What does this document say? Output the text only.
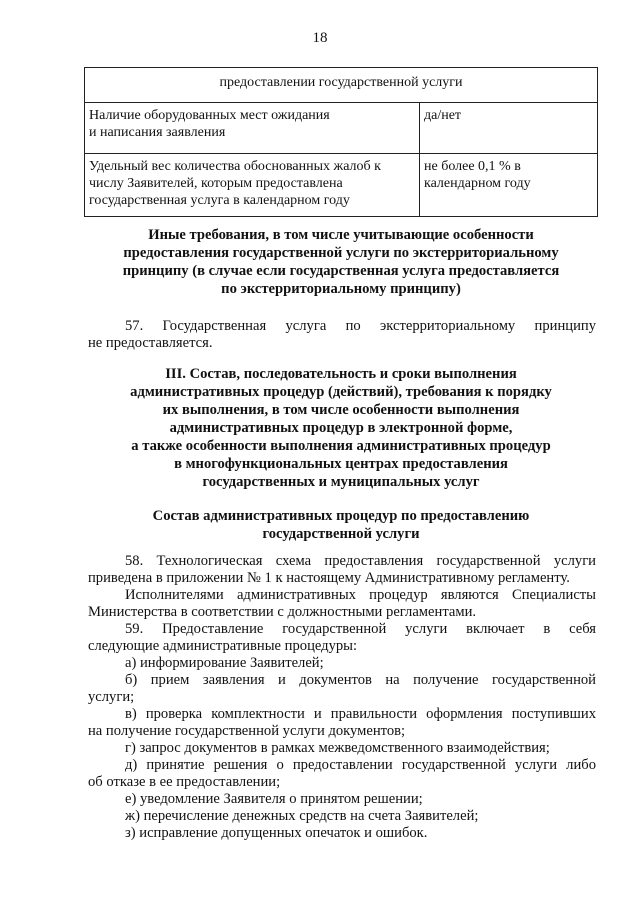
18
предоставлении государственной услуги	

Наличие оборудованных мест ожидания
и написания заявления	да/нет

Удельный вес количества обоснованных жалоб к
числу Заявителей, которым предоставлена
государственная услуга в календарном году	не более 0,1 % в
календарном году
Иные требования, в том числе учитывающие особенности
предоставления государственной услуги по экстерриториальному
принципу (в случае если государственная услуга предоставляется
по экстерриториальному принципу)
57. Государственная услуга по экстерриториальному принципу
не предоставляется.
III. Состав, последовательность и сроки выполнения
административных процедур (действий), требования к порядку
их выполнения, в том числе особенности выполнения
административных процедур в электронной форме,
а также особенности выполнения административных процедур
в многофункциональных центрах предоставления
государственных и муниципальных услуг
Состав административных процедур по предоставлению
государственной услуги
58. Технологическая схема предоставления государственной услуги
приведена в приложении № 1 к настоящему Административному регламенту.
Исполнителями административных процедур являются Специалисты
Министерства в соответствии с должностными регламентами.
59. Предоставление государственной услуги включает в себя
следующие административные процедуры:
а) информирование Заявителей;
б) прием заявления и документов на получение государственной
услуги;
в) проверка комплектности и правильности оформления поступивших
на получение государственной услуги документов;
г) запрос документов в рамках межведомственного взаимодействия;
д) принятие решения о предоставлении государственной услуги либо
об отказе в ее предоставлении;
е) уведомление Заявителя о принятом решении;
ж) перечисление денежных средств на счета Заявителей;
з) исправление допущенных опечаток и ошибок.
